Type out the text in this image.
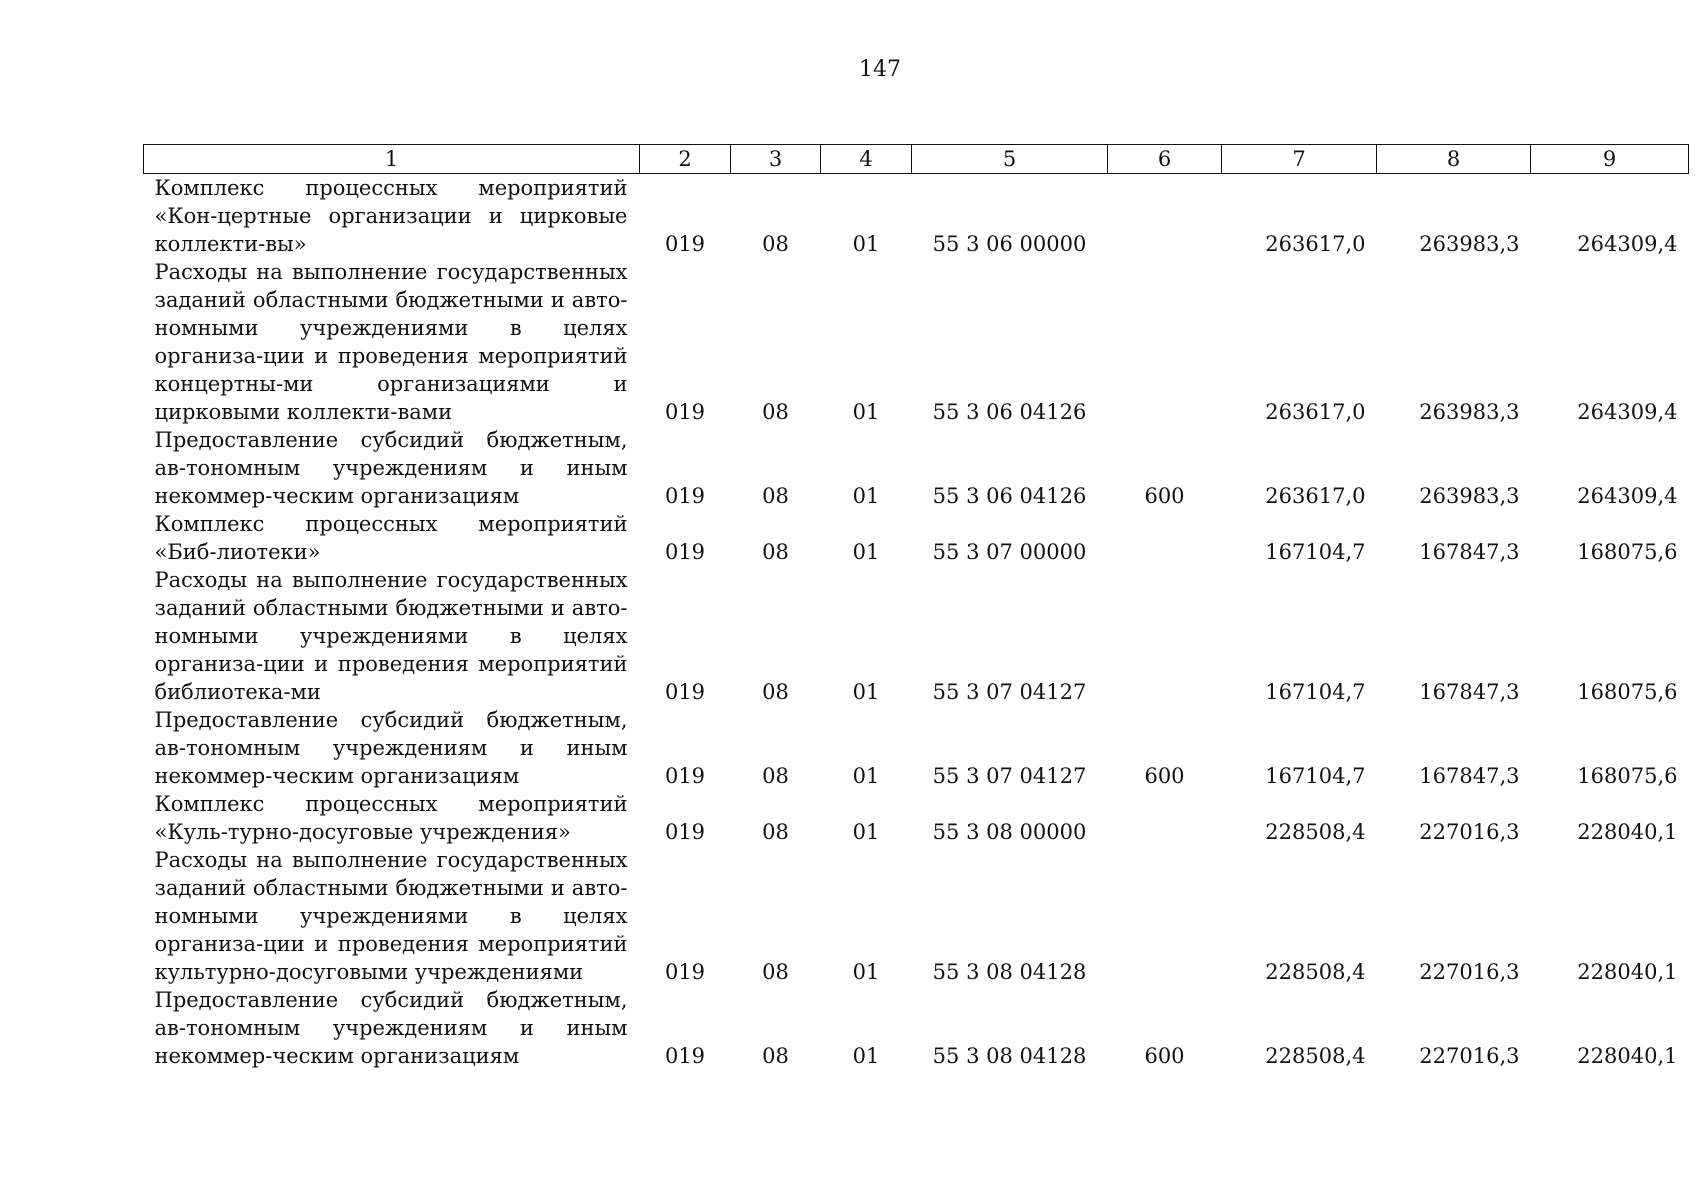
147
1	2	3	4	5	6	7	8	9
Комплекс процессных мероприятий «Кон-цертные организации и цирковые коллекти-вы»	019	08	01	55 3 06 00000		263617,0	263983,3	264309,4
Расходы на выполнение государственных заданий областными бюджетными и авто-номными учреждениями в целях организа-ции и проведения мероприятий концертны-ми организациями и цирковыми коллекти-вами	019	08	01	55 3 06 04126		263617,0	263983,3	264309,4
Предоставление субсидий бюджетным, ав-тономным учреждениям и иным некоммер-ческим организациям	019	08	01	55 3 06 04126	600	263617,0	263983,3	264309,4
Комплекс процессных мероприятий «Биб-лиотеки»	019	08	01	55 3 07 00000		167104,7	167847,3	168075,6
Расходы на выполнение государственных заданий областными бюджетными и авто-номными учреждениями в целях организа-ции и проведения мероприятий библиотека-ми	019	08	01	55 3 07 04127		167104,7	167847,3	168075,6
Предоставление субсидий бюджетным, ав-тономным учреждениям и иным некоммер-ческим организациям	019	08	01	55 3 07 04127	600	167104,7	167847,3	168075,6
Комплекс процессных мероприятий «Куль-турно-досуговые учреждения»	019	08	01	55 3 08 00000		228508,4	227016,3	228040,1
Расходы на выполнение государственных заданий областными бюджетными и авто-номными учреждениями в целях организа-ции и проведения мероприятий культурно-досуговыми учреждениями	019	08	01	55 3 08 04128		228508,4	227016,3	228040,1
Предоставление субсидий бюджетным, ав-тономным учреждениям и иным некоммер-ческим организациям	019	08	01	55 3 08 04128	600	228508,4	227016,3	228040,1
